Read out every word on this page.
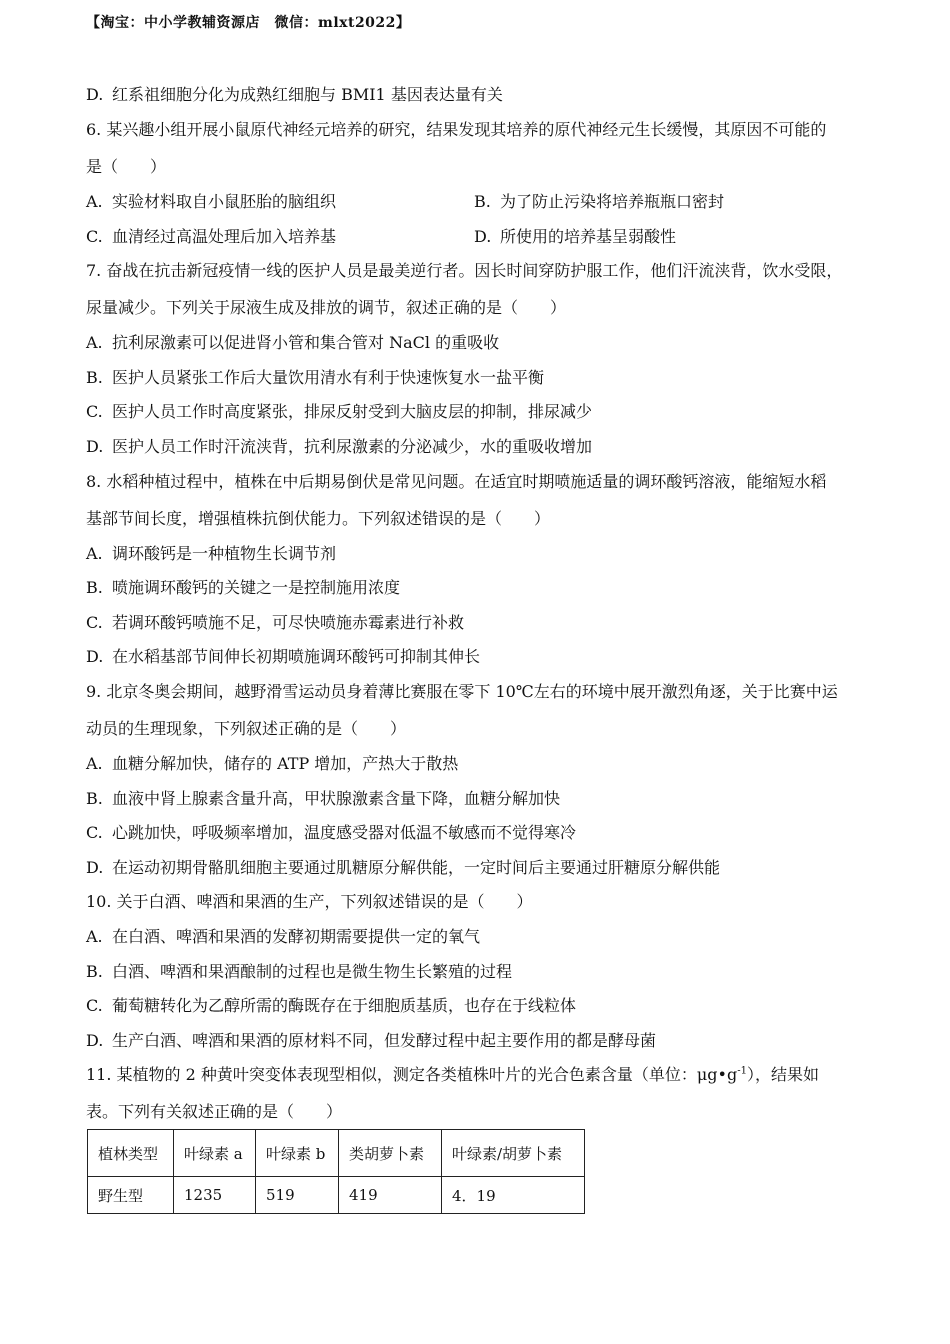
【淘宝：中小学教辅资源店　微信：mlxt2022】
D. 红系祖细胞分化为成熟红细胞与 BMI1 基因表达量有关
6. 某兴趣小组开展小鼠原代神经元培养的研究，结果发现其培养的原代神经元生长缓慢，其原因不可能的
是（　　）
A. 实验材料取自小鼠胚胎的脑组织	B. 为了防止污染将培养瓶瓶口密封
C. 血清经过高温处理后加入培养基	D. 所使用的培养基呈弱酸性
7. 奋战在抗击新冠疫情一线的医护人员是最美逆行者。因长时间穿防护服工作，他们汗流浃背，饮水受限，
尿量减少。下列关于尿液生成及排放的调节，叙述正确的是（　　）
A. 抗利尿激素可以促进肾小管和集合管对 NaCl 的重吸收
B. 医护人员紧张工作后大量饮用清水有利于快速恢复水一盐平衡
C. 医护人员工作时高度紧张，排尿反射受到大脑皮层的抑制，排尿减少
D. 医护人员工作时汗流浃背，抗利尿激素的分泌减少，水的重吸收增加
8. 水稻种植过程中，植株在中后期易倒伏是常见问题。在适宜时期喷施适量的调环酸钙溶液，能缩短水稻
基部节间长度，增强植株抗倒伏能力。下列叙述错误的是（　　）
A. 调环酸钙是一种植物生长调节剂
B. 喷施调环酸钙的关键之一是控制施用浓度
C. 若调环酸钙喷施不足，可尽快喷施赤霉素进行补救
D. 在水稻基部节间伸长初期喷施调环酸钙可抑制其伸长
9. 北京冬奥会期间，越野滑雪运动员身着薄比赛服在零下 10℃左右的环境中展开激烈角逐，关于比赛中运
动员的生理现象，下列叙述正确的是（　　）
A. 血糖分解加快，储存的 ATP 增加，产热大于散热
B. 血液中肾上腺素含量升高，甲状腺激素含量下降，血糖分解加快
C. 心跳加快，呼吸频率增加，温度感受器对低温不敏感而不觉得寒冷
D. 在运动初期骨骼肌细胞主要通过肌糖原分解供能，一定时间后主要通过肝糖原分解供能
10. 关于白酒、啤酒和果酒的生产，下列叙述错误的是（　　）
A. 在白酒、啤酒和果酒的发酵初期需要提供一定的氧气
B. 白酒、啤酒和果酒酿制的过程也是微生物生长繁殖的过程
C. 葡萄糖转化为乙醇所需的酶既存在于细胞质基质，也存在于线粒体
D. 生产白酒、啤酒和果酒的原材料不同，但发酵过程中起主要作用的都是酵母菌
11. 某植物的 2 种黄叶突变体表现型相似，测定各类植株叶片的光合色素含量（单位：$\mu g•g^{-1}$），结果如
表。下列有关叙述正确的是（　　）
植林类型	叶绿素 a	叶绿素 b	类胡萝卜素	叶绿素/胡萝卜素
野生型	1235	519	419	4．19
